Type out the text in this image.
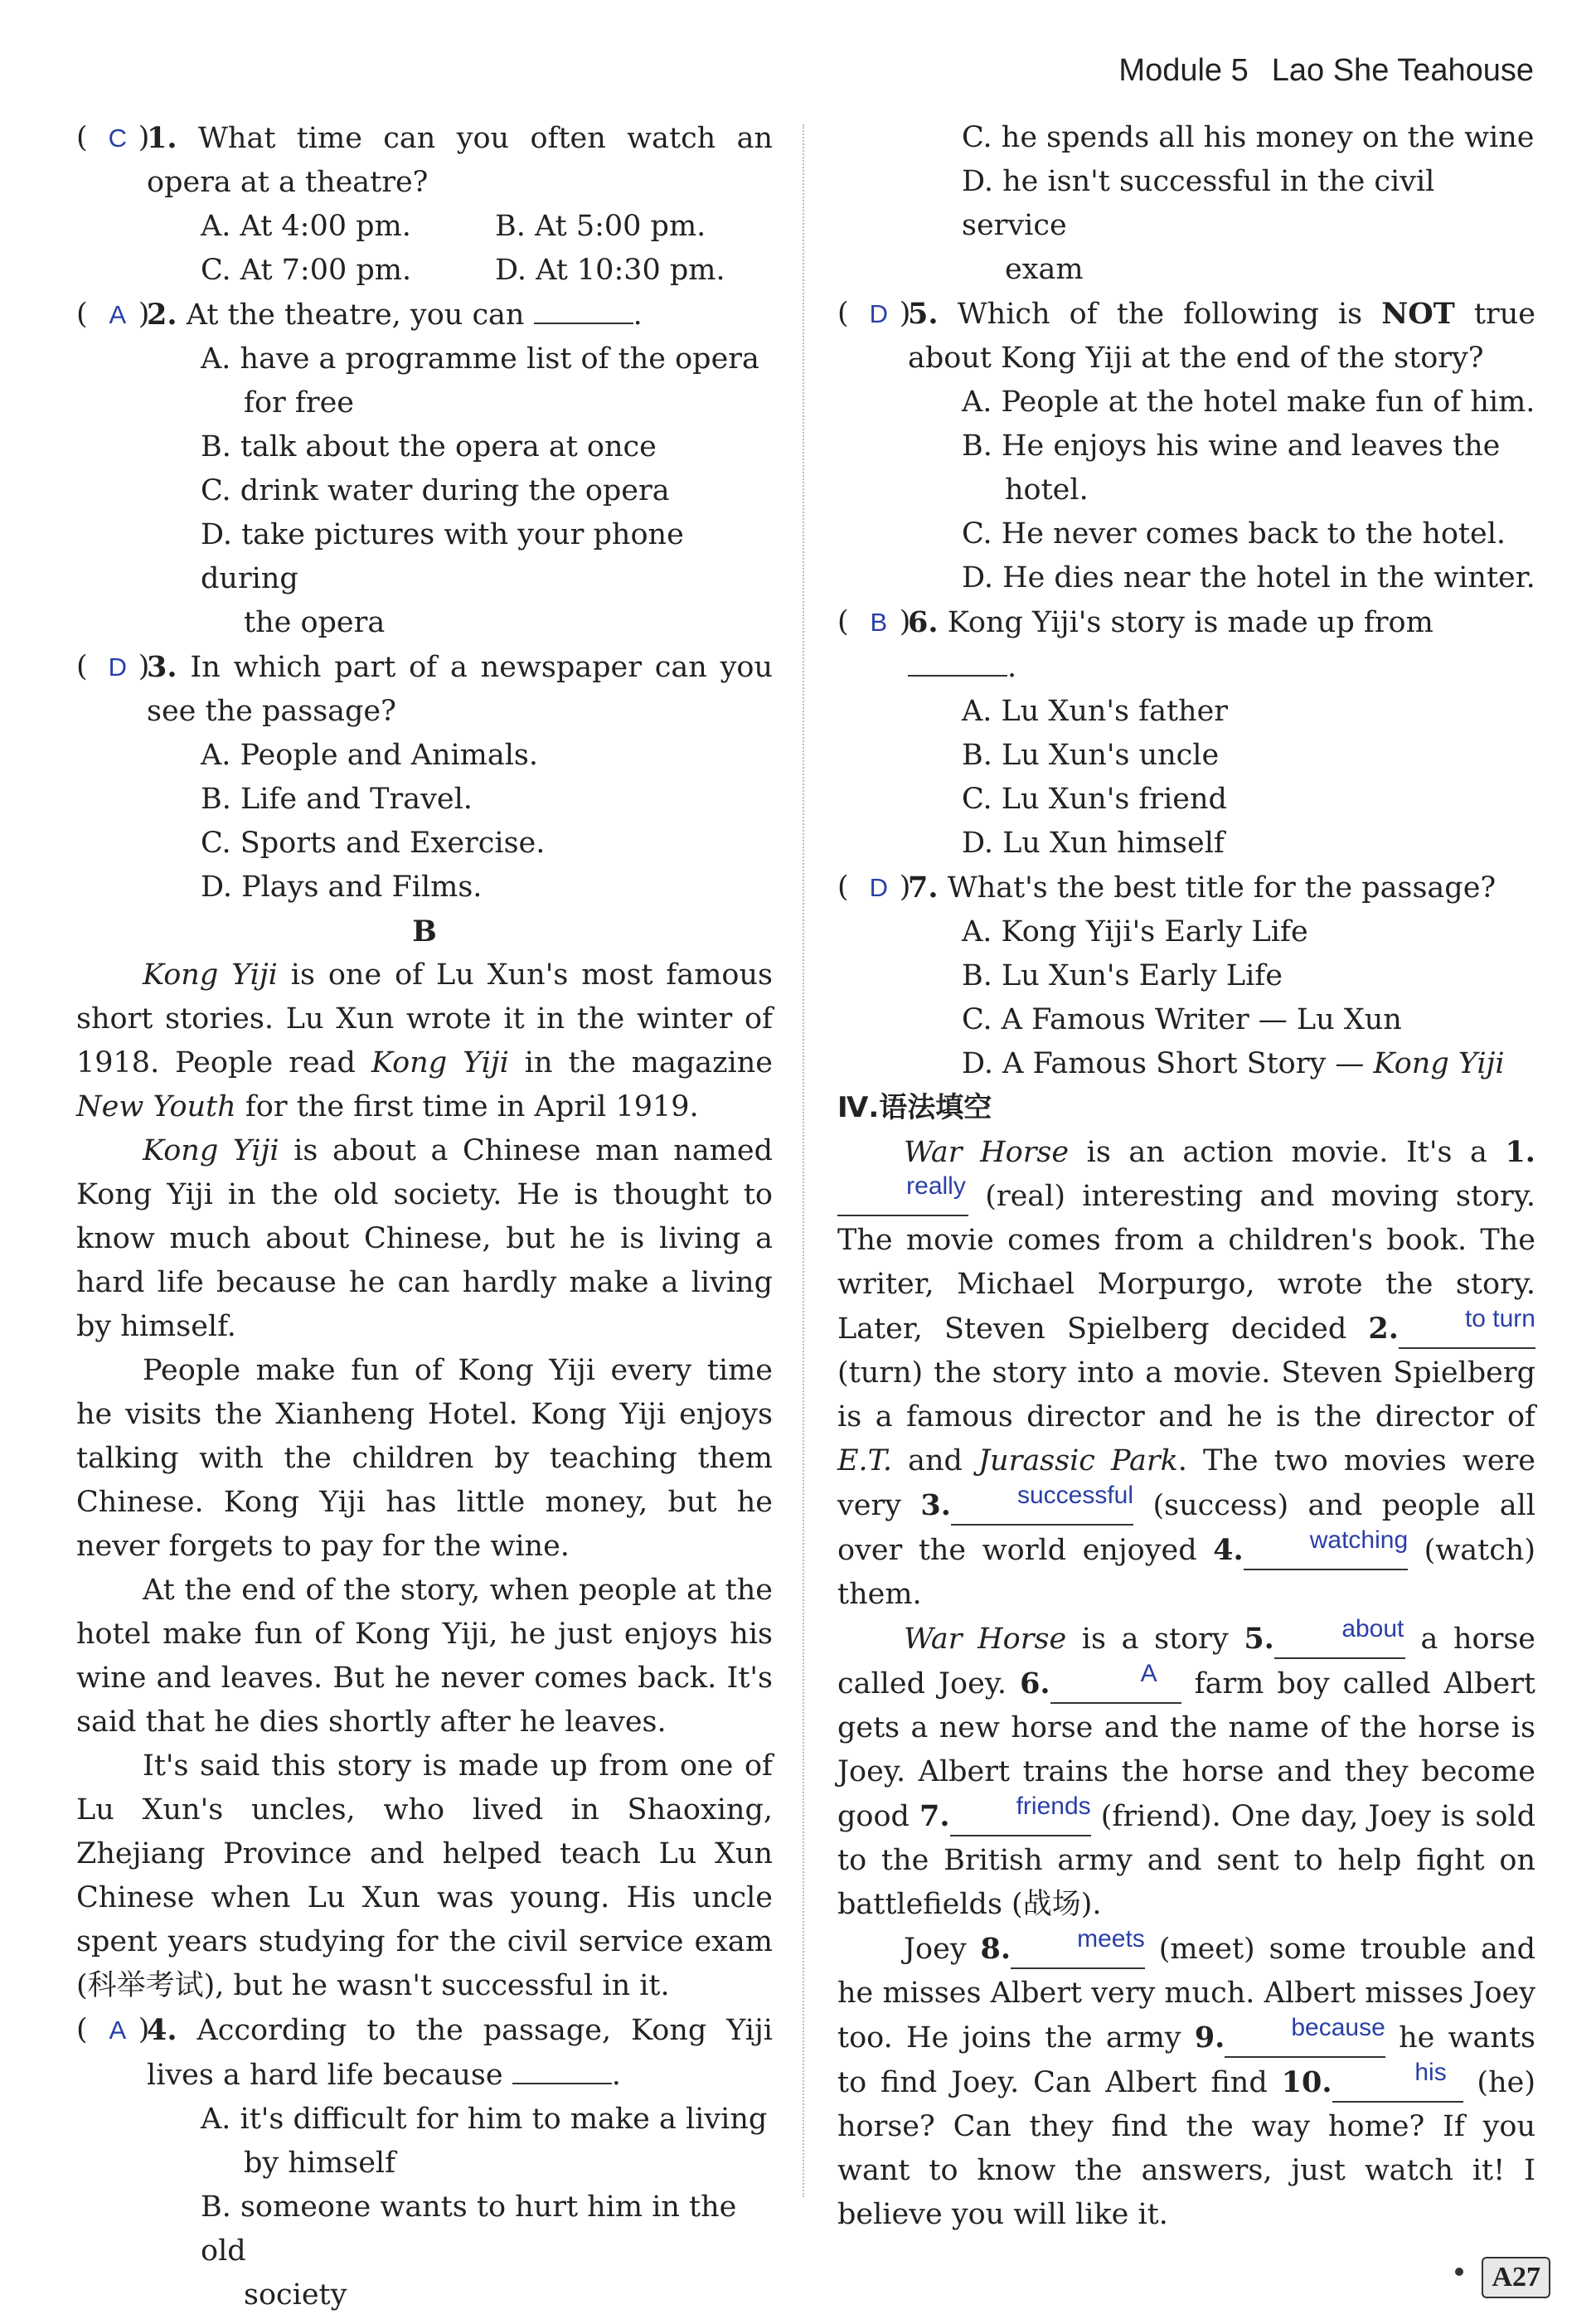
Module 5 Lao She Teahouse
( C )
1. What time can you often watch an opera at a theatre?
A. At 4:00 pm.	B. At 5:00 pm.
C. At 7:00 pm.	D. At 10:30 pm.
( A )
2. At the theatre, you can	.
A. have a programme list of the opera
for free
B. talk about the opera at once
C. drink water during the opera
D. take pictures with your phone during
the opera
( D )
3. In which part of a newspaper can you see the passage?
A. People and Animals.
B. Life and Travel.
C. Sports and Exercise.
D. Plays and Films.
B
Kong Yiji is one of Lu Xun's most famous short stories. Lu Xun wrote it in the winter of 1918. People read Kong Yiji in the magazine New Youth for the first time in April 1919.
Kong Yiji is about a Chinese man named Kong Yiji in the old society. He is thought to know much about Chinese, but he is living a hard life because he can hardly make a living by himself.
People make fun of Kong Yiji every time he visits the Xianheng Hotel. Kong Yiji enjoys talking with the children by teaching them Chinese. Kong Yiji has little money, but he never forgets to pay for the wine.
At the end of the story, when people at the hotel make fun of Kong Yiji, he just enjoys his wine and leaves. But he never comes back. It's said that he dies shortly after he leaves.
It's said this story is made up from one of Lu Xun's uncles, who lived in Shaoxing, Zhejiang Province and helped teach Lu Xun Chinese when Lu Xun was young. His uncle spent years studying for the civil service exam (科举考试), but he wasn't successful in it.
( A )
4. According to the passage, Kong Yiji lives a hard life because	.
A. it's difficult for him to make a living
by himself
B. someone wants to hurt him in the old
society
C. he spends all his money on the wine
D. he isn't successful in the civil service
exam
( D )
5. Which of the following is NOT true about Kong Yiji at the end of the story?
A. People at the hotel make fun of him.
B. He enjoys his wine and leaves the
hotel.
C. He never comes back to the hotel.
D. He dies near the hotel in the winter.
( B )
6. Kong Yiji's story is made up from
.
A. Lu Xun's father
B. Lu Xun's uncle
C. Lu Xun's friend
D. Lu Xun himself
( D )
7. What's the best title for the passage?
A. Kong Yiji's Early Life
B. Lu Xun's Early Life
C. A Famous Writer — Lu Xun
D. A Famous Short Story — Kong Yiji
Ⅳ.语法填空
War Horse is an action movie. It's a 1.really (real) interesting and moving story. The movie comes from a children's book. The writer, Michael Morpurgo, wrote the story. Later, Steven Spielberg decided 2.	to turn (turn) the story into a movie. Steven Spielberg is a famous director and he is the director of E.T. and Jurassic Park. The two movies were very 3.	successful (success) and people all over the world enjoyed 4.	watching (watch) them.
War Horse is a story 5.	about a horse called Joey. 6.	A farm boy called Albert gets a new horse and the name of the horse is Joey. Albert trains the horse and they become good 7.	friends (friend). One day, Joey is sold to the British army and sent to help fight on battlefields (战场).
Joey 8.	meets (meet) some trouble and he misses Albert very much. Albert misses Joey too. He joins the army 9.	because he wants to find Joey. Can Albert find 10.	his (he) horse? Can they find the way home? If you want to know the answers, just watch it! I believe you will like it.
A27
